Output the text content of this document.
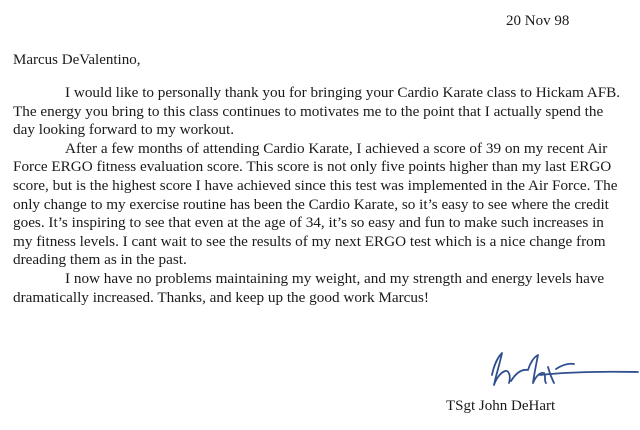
20 Nov 98
Marcus DeValentino,

I would like to personally thank you for bringing your Cardio Karate class to Hickam AFB. The energy you bring to this class continues to motivates me to the point that I actually spend the day looking forward to my workout.

After a few months of attending Cardio Karate, I achieved a score of 39 on my recent Air Force ERGO fitness evaluation score. This score is not only five points higher than my last ERGO score, but is the highest score I have achieved since this test was implemented in the Air Force. The only change to my exercise routine has been the Cardio Karate, so it’s easy to see where the credit goes. It’s inspiring to see that even at the age of 34, it’s so easy and fun to make such increases in my fitness levels. I cant wait to see the results of my next ERGO test which is a nice change from dreading them as in the past.

I now have no problems maintaining my weight, and my strength and energy levels have dramatically increased. Thanks, and keep up the good work Marcus!

TSgt John DeHart
